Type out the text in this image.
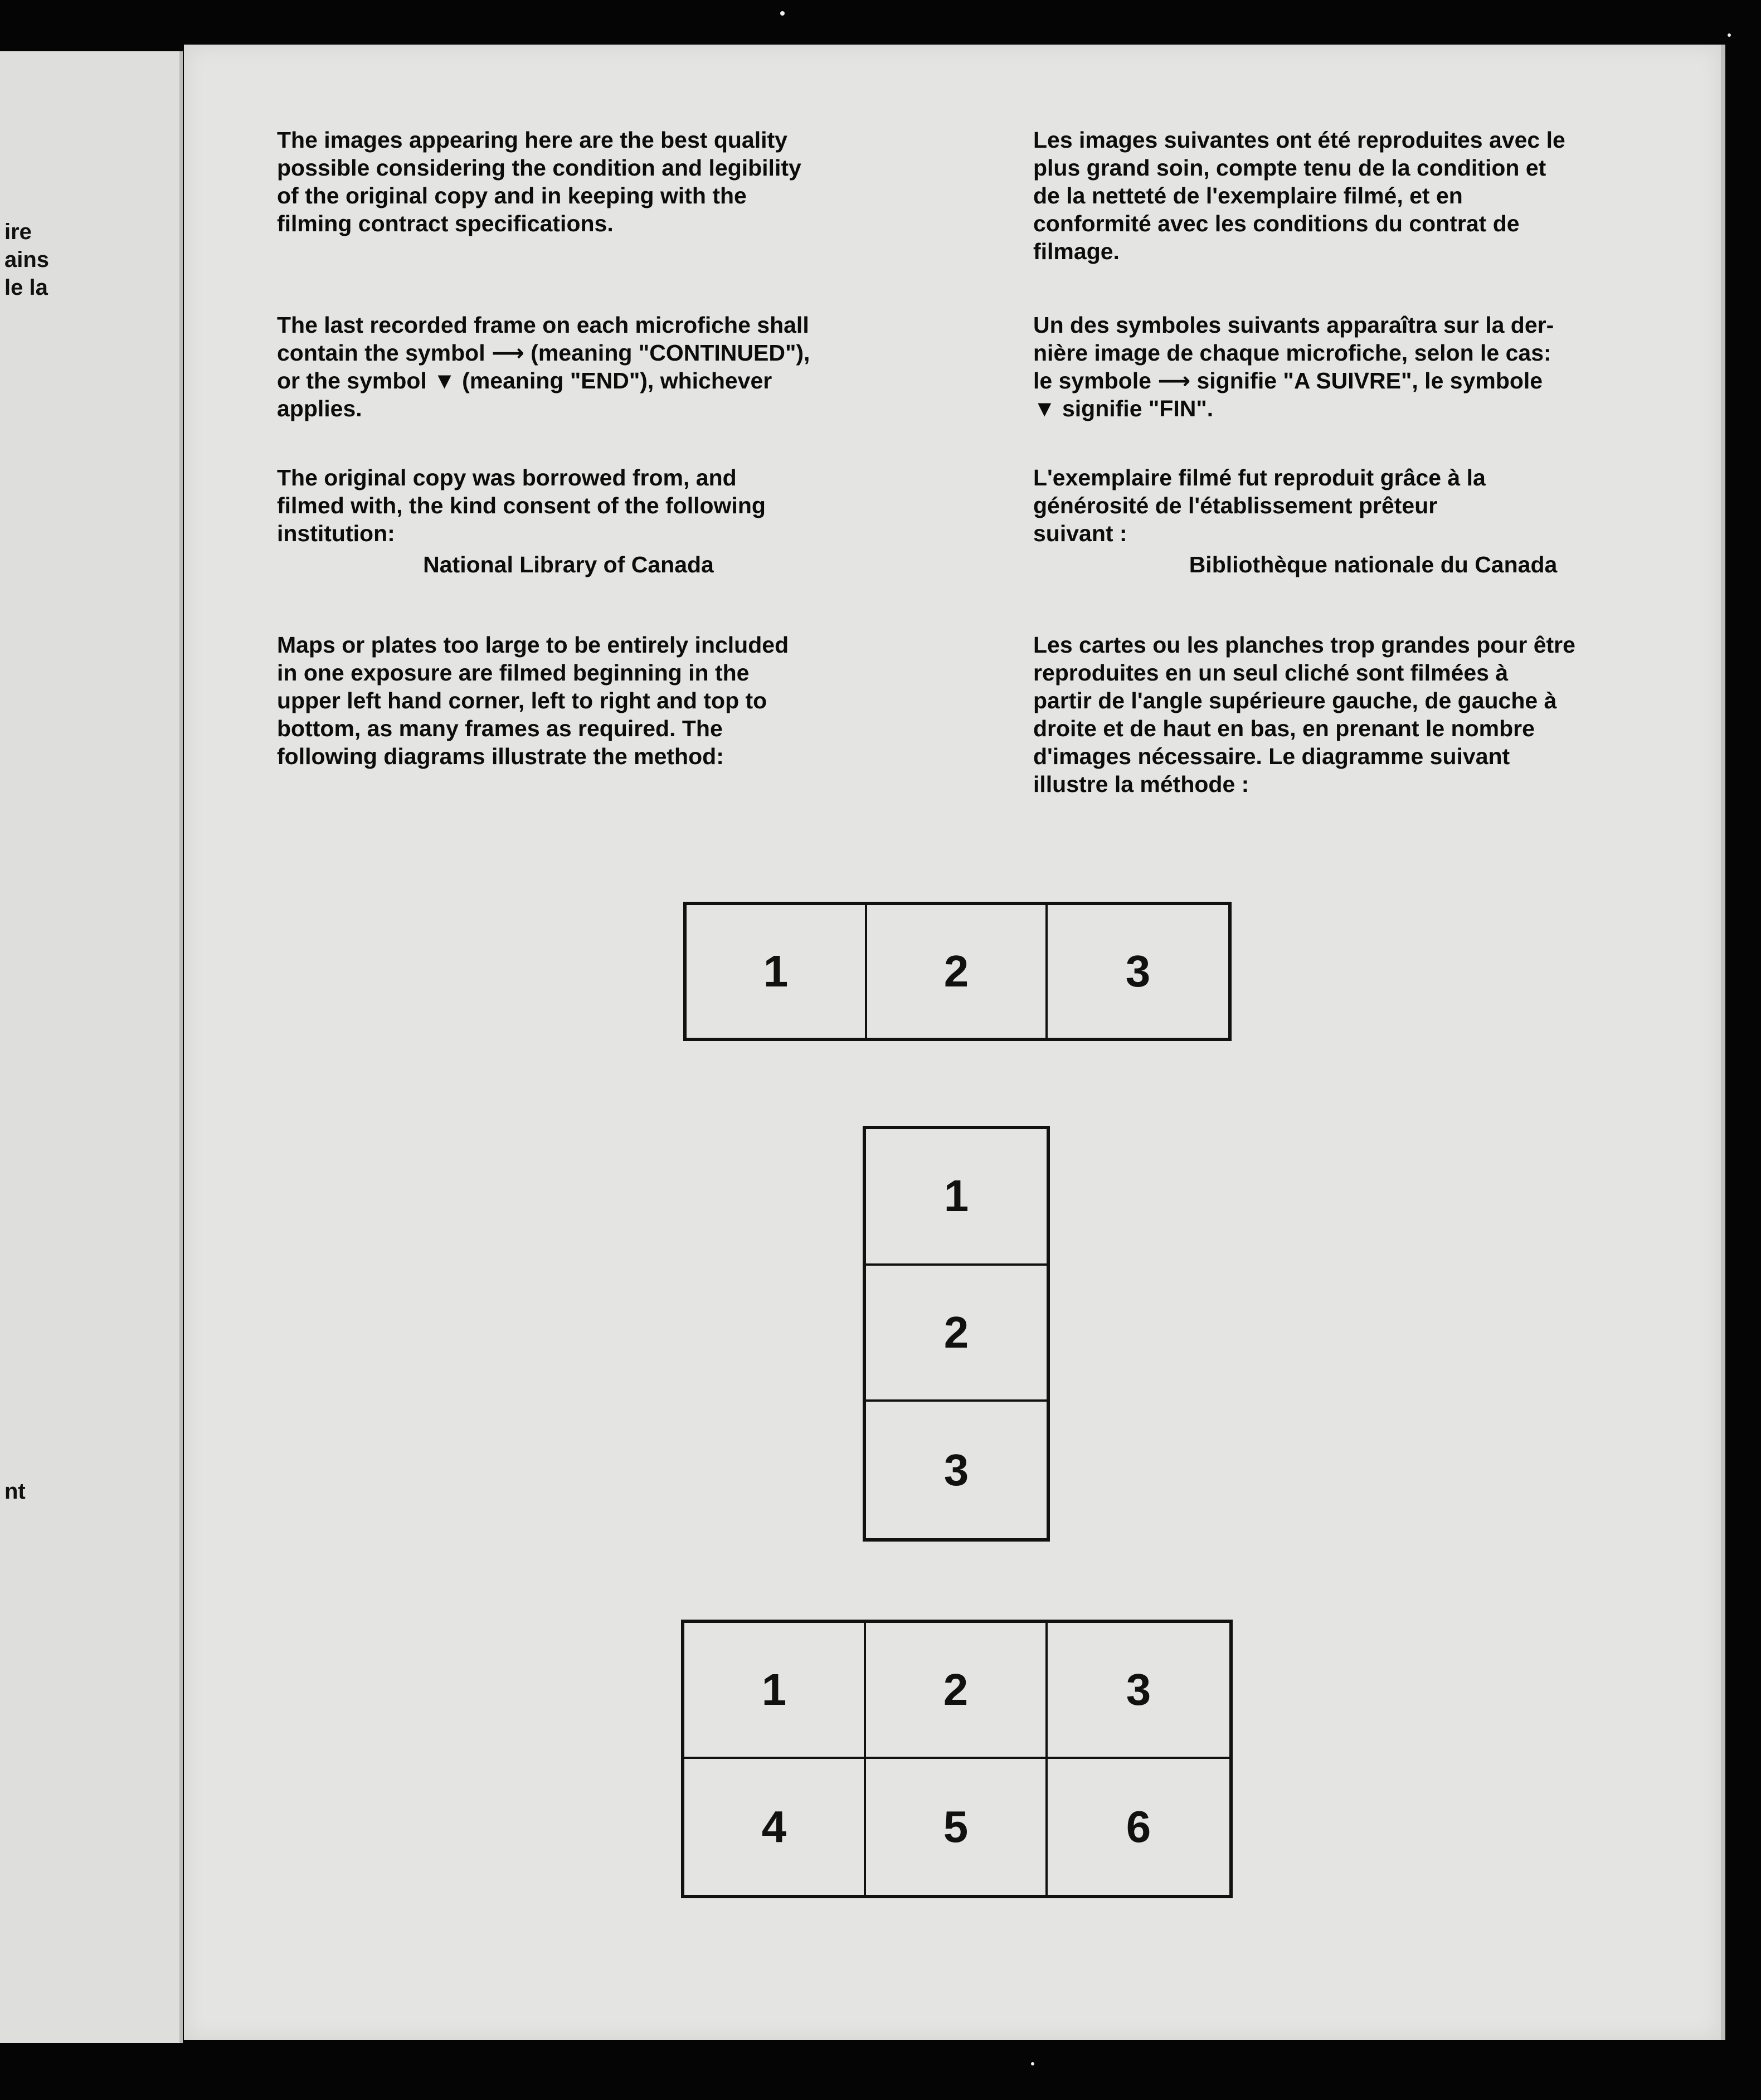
ire
ains
le la
nt
The images appearing here are the best quality
possible considering the condition and legibility
of the original copy and in keeping with the
filming contract specifications.
The last recorded frame on each microfiche shall
contain the symbol ⟶ (meaning "CONTINUED"),
or the symbol ▼ (meaning "END"), whichever
applies.
The original copy was borrowed from, and
filmed with, the kind consent of the following
institution:
National Library of Canada
Maps or plates too large to be entirely included
in one exposure are filmed beginning in the
upper left hand corner, left to right and top to
bottom, as many frames as required. The
following diagrams illustrate the method:
Les images suivantes ont été reproduites avec le
plus grand soin, compte tenu de la condition et
de la netteté de l'exemplaire filmé, et en
conformité avec les conditions du contrat de
filmage.
Un des symboles suivants apparaîtra sur la der-
nière image de chaque microfiche, selon le cas:
le symbole ⟶ signifie "A SUIVRE", le symbole
▼ signifie "FIN".
L'exemplaire filmé fut reproduit grâce à la
générosité de l'établissement prêteur
suivant :
Bibliothèque nationale du Canada
Les cartes ou les planches trop grandes pour être
reproduites en un seul cliché sont filmées à
partir de l'angle supérieure gauche, de gauche à
droite et de haut en bas, en prenant le nombre
d'images nécessaire. Le diagramme suivant
illustre la méthode :
1	2	3
1
2
3
1	2	3
4	5	6
